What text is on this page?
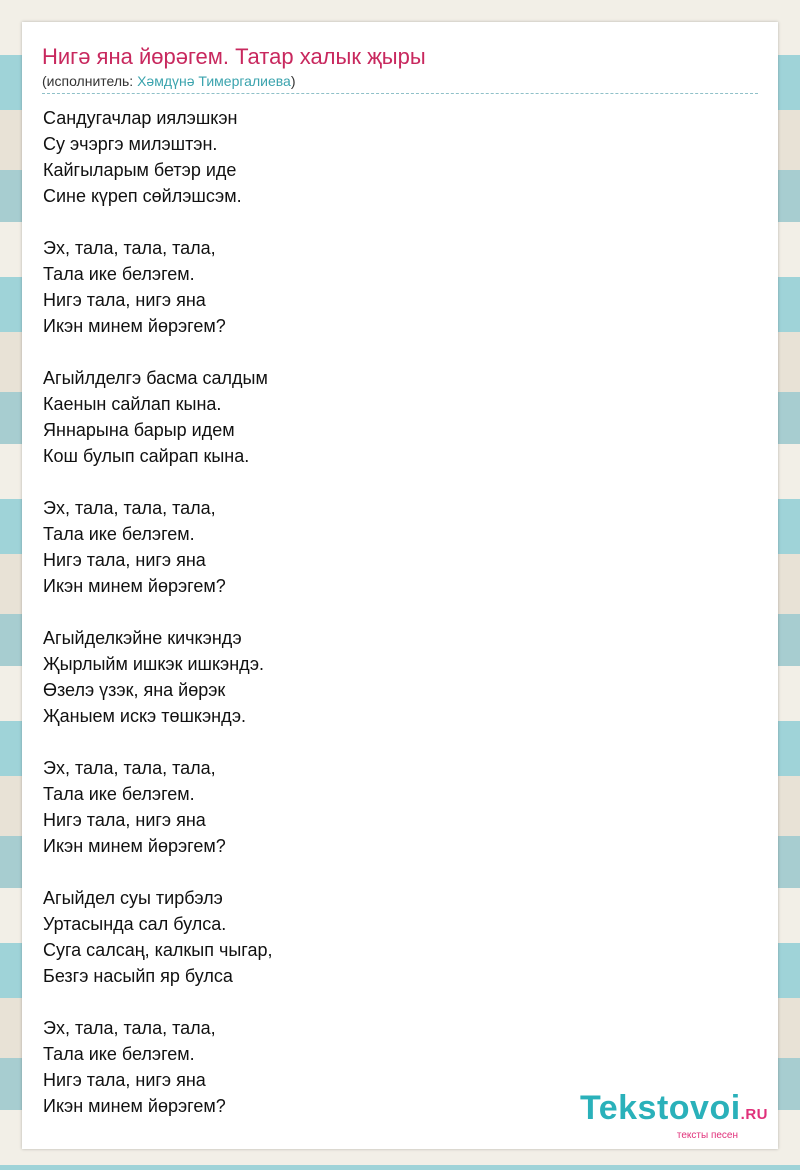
Нигә яна йөрәгем. Татар халык җыры
(исполнитель: Хәмдүнә Тимергалиева)
Сандугачлар иялэшкэн
Су эчэргэ милэштэн.
Кайгыларым бетэр иде
Сине күреп сөйлэшсэм.
Эх, тала, тала, тала,
Тала ике белэгем.
Нигэ тала, нигэ яна
Икэн минем йөрэгем?
Агыйлделгэ басма салдым
Каенын сайлап кына.
Яннарына барыр идем
Кош булып сайрап кына.
Эх, тала, тала, тала,
Тала ике белэгем.
Нигэ тала, нигэ яна
Икэн минем йөрэгем?
Агыйделкэйне кичкэндэ
Җырлыйм ишкэк ишкэндэ.
Өзелэ үзэк, яна йөрэк
Җаныем искэ төшкэндэ.
Эх, тала, тала, тала,
Тала ике белэгем.
Нигэ тала, нигэ яна
Икэн минем йөрэгем?
Агыйдел суы тирбэлэ
Уртасында сал булса.
Суга салсаң, калкып чыгар,
Безгэ насыйп яр булса
Эх, тала, тала, тала,
Тала ике белэгем.
Нигэ тала, нигэ яна
Икэн минем йөрэгем?	Tekstovoi.RU
тексты песен
